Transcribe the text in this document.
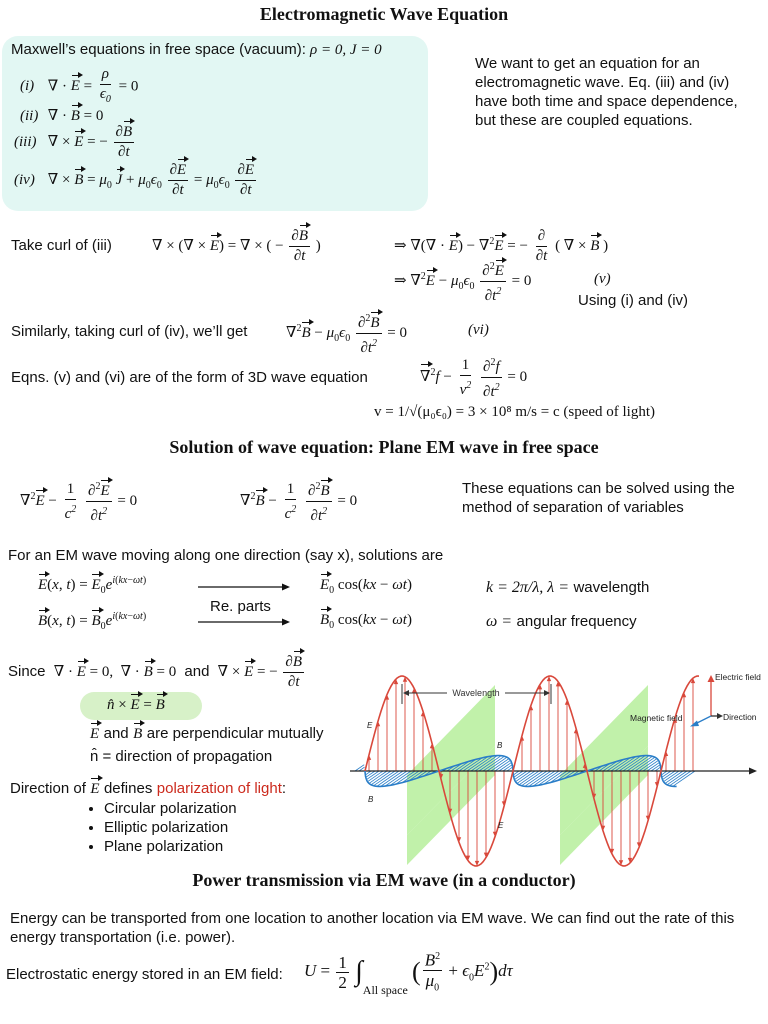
Electromagnetic Wave Equation
Maxwell’s equations in free space (vacuum): ρ = 0, J = 0
(i) ∇ · $E = \frac{\rho}{\epsilon_0} = 0$
(ii) ∇ · B = 0
(iii) ∇ × E = − $\frac{\partial B}{\partial t}$
(iv) ∇ × $B = \mu_0$ $J + \mu_0\epsilon_0 \frac{\partial E}{\partial t} = \mu_0\epsilon_0 \frac{\partial E}{\partial t}$
We want to get an equation for an electromagnetic wave. Eq. (iii) and (iv) have both time and space dependence, but these are coupled equations.
Take curl of (iii)	∇ × (∇ × E) = ∇ × ( − $\frac{\partial B}{\partial t}$ )	⇒ ∇(∇ · E) − ∇$^2$E = − $\frac{\partial}{\partial t}$ ( ∇ × B )
⇒ $\nabla^2E - \mu_0\epsilon_0 \frac{\partial^2E}{\partial t^2} = 0$	(v)
Using (i) and (iv)
Similarly, taking curl of (iv), we’ll get	$\nabla^2B - \mu_0\epsilon_0 \frac{\partial^2B}{\partial t^2} = 0$	(vi)
Eqns. (v) and (vi) are of the form of 3D wave equation	$\nabla^2f - \frac{1}{v^2}$
$\frac{\partial^2f}{\partial t^2} = 0$
v = 1/√(μ₀ϵ₀) = 3 × 10⁸ m/s = c (speed of light)
Solution of wave equation: Plane EM wave in free space
$\nabla^2E - \frac{1}{c^2}$
$\frac{\partial^2E}{\partial t^2} = 0$	$\nabla^2B - \frac{1}{c^2}$
$\frac{\partial^2B}{\partial t^2} = 0$
These equations can be solved using the method of separation of variables
For an EM wave moving along one direction (say x), solutions are
E(x, $t) = E_0e^{i(kx-\omega t)}$
B(x, $t) = B_0e^{i(kx-\omega t)}$
Re. parts
$E_0$ cos(kx − ωt)
$B_0$ cos(kx − ωt)
k = 2π/λ, λ = wavelength
ω = angular frequency
Since  ∇ · E = 0,  ∇ · B = 0  and  ∇ × E = − $\frac{\partial B}{\partial t}$
n̂ × E = B
E and B are perpendicular mutually
n̂ = direction of propagation
Direction of E defines polarization of light:
• Circular polarization
• Elliptic polarization
• Plane polarization
Wavelength
Electric field
Magnetic field	Direction
E
B
B
E
Power transmission via EM wave (in a conductor)
Energy can be transported from one location to another location via EM wave. We can find out the rate of this energy transportation (i.e. power).
Electrostatic energy stored in an EM field: $U = \frac{1}{2} \int_{All space}$ ( $\frac{B^2}{\mu_0} + \epsilon_0E^2)d\tau$
